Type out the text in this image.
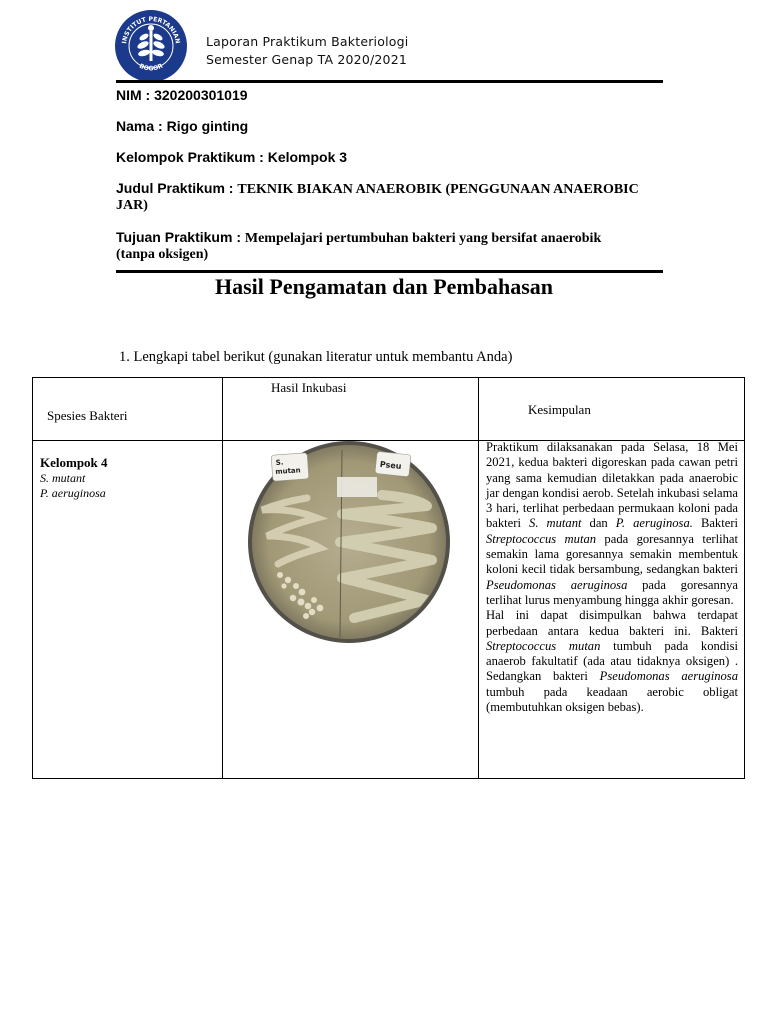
INSTITUT PERTANIAN
BOGOR
Laporan Praktikum Bakteriologi
Semester Genap TA 2020/2021
NIM : 320200301019
Nama : Rigo ginting
Kelompok Praktikum : Kelompok 3
Judul Praktikum : TEKNIK BIAKAN ANAEROBIK (PENGGUNAAN ANAEROBIC
JAR)
Tujuan Praktikum : Mempelajari pertumbuhan bakteri yang bersifat anaerobik
(tanpa oksigen)
Hasil Pengamatan dan Pembahasan
1. Lengkapi tabel berikut (gunakan literatur untuk membantu Anda)
Spesies Bakteri
Hasil Inkubasi
Kesimpulan
Kelompok 4
S. mutant
P. aeruginosa
S.
mutan
Pseu

Praktikum dilaksanakan pada Selasa, 18 Mei 2021, kedua bakteri digoreskan pada cawan petri yang sama kemudian diletakkan pada anaerobic jar dengan kondisi aerob. Setelah inkubasi selama 3 hari, terlihat perbedaan permukaan koloni pada bakteri S. mutant dan P. aeruginosa. Bakteri Streptococcus mutan pada goresannya terlihat semakin lama goresannya semakin membentuk koloni kecil tidak bersambung, sedangkan bakteri Pseudomonas aeruginosa pada goresannya terlihat lurus menyambung hingga akhir goresan.

Hal ini dapat disimpulkan bahwa terdapat perbedaan antara kedua bakteri ini. Bakteri Streptococcus mutan tumbuh pada kondisi anaerob fakultatif (ada atau tidaknya oksigen) . Sedangkan bakteri Pseudomonas aeruginosa tumbuh pada keadaan aerobic obligat (membutuhkan oksigen bebas).
